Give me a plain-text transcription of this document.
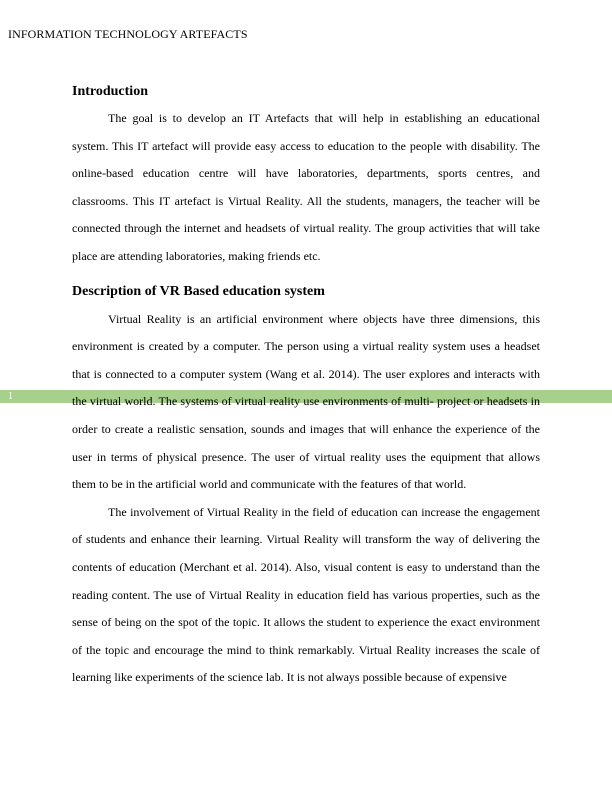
INFORMATION TECHNOLOGY ARTEFACTS
1
Introduction

The goal is to develop an IT Artefacts that will help in establishing an educational system. This IT artefact will provide easy access to education to the people with disability. The online-based education centre will have laboratories, departments, sports centres, and classrooms. This IT artefact is Virtual Reality. All the students, managers, the teacher will be connected through the internet and headsets of virtual reality. The group activities that will take place are attending laboratories, making friends etc.

Description of VR Based education system

Virtual Reality is an artificial environment where objects have three dimensions, this environment is created by a computer. The person using a virtual reality system uses a headset that is connected to a computer system (Wang et al. 2014). The user explores and interacts with the virtual world. The systems of virtual reality use environments of multi- project or headsets in order to create a realistic sensation, sounds and images that will enhance the experience of the user in terms of physical presence. The user of virtual reality uses the equipment that allows them to be in the artificial world and communicate with the features of that world.

The involvement of Virtual Reality in the field of education can increase the engagement of students and enhance their learning. Virtual Reality will transform the way of delivering the contents of education (Merchant et al. 2014). Also, visual content is easy to understand than the reading content. The use of Virtual Reality in education field has various properties, such as the sense of being on the spot of the topic. It allows the student to experience the exact environment of the topic and encourage the mind to think remarkably. Virtual Reality increases the scale of learning like experiments of the science lab. It is not always possible because of expensive
